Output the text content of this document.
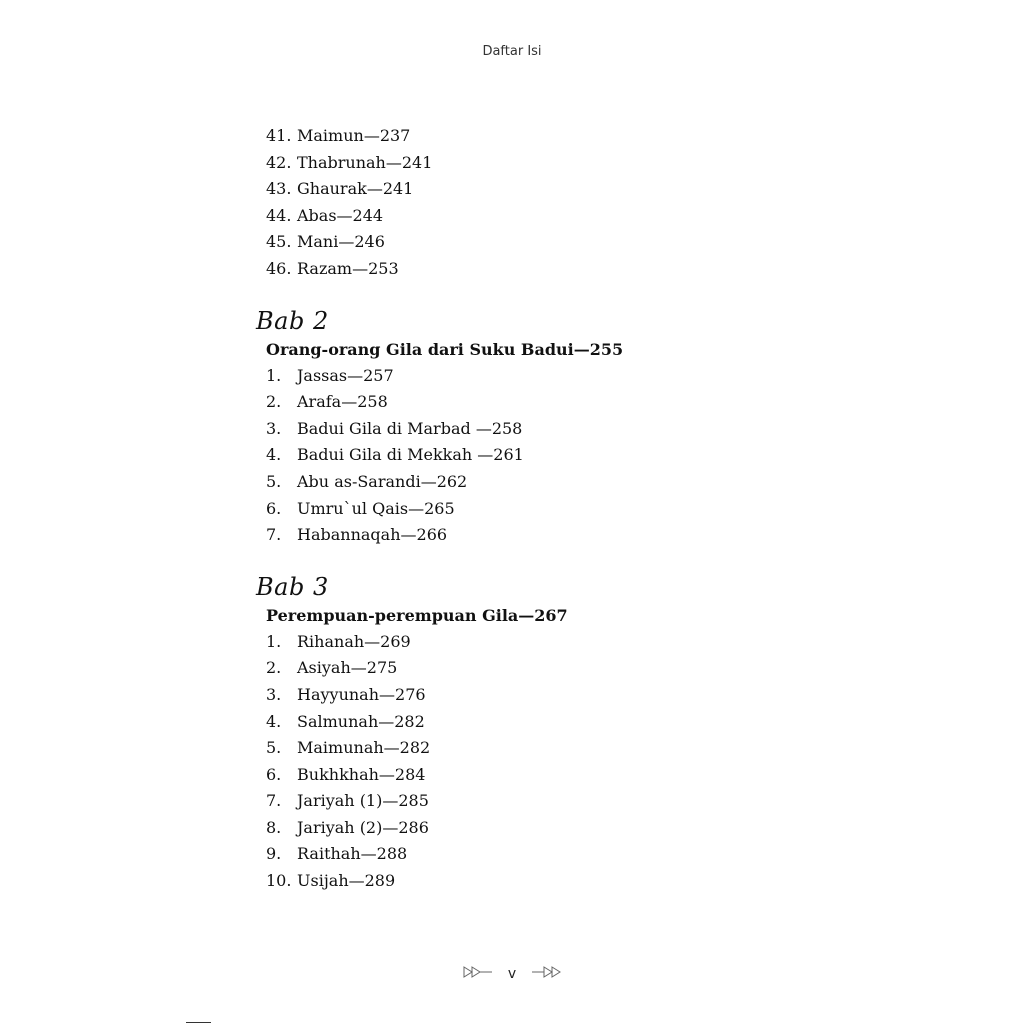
Daftar Isi
41. Maimun—237
42. Thabrunah—241
43. Ghaurak—241
44. Abas—244
45. Mani—246
46. Razam—253
Bab 2
Orang-orang Gila dari Suku Badui—255
1. Jassas—257
2. Arafa—258
3. Badui Gila di Marbad —258
4. Badui Gila di Mekkah —261
5. Abu as-Sarandi—262
6. Umru`ul Qais—265
7. Habannaqah—266
Bab 3
Perempuan-perempuan Gila—267
1. Rihanah—269
2. Asiyah—275
3. Hayyunah—276
4. Salmunah—282
5. Maimunah—282
6. Bukhkhah—284
7. Jariyah (1)—285
8. Jariyah (2)—286
9. Raithah—288
10. Usijah—289
v
